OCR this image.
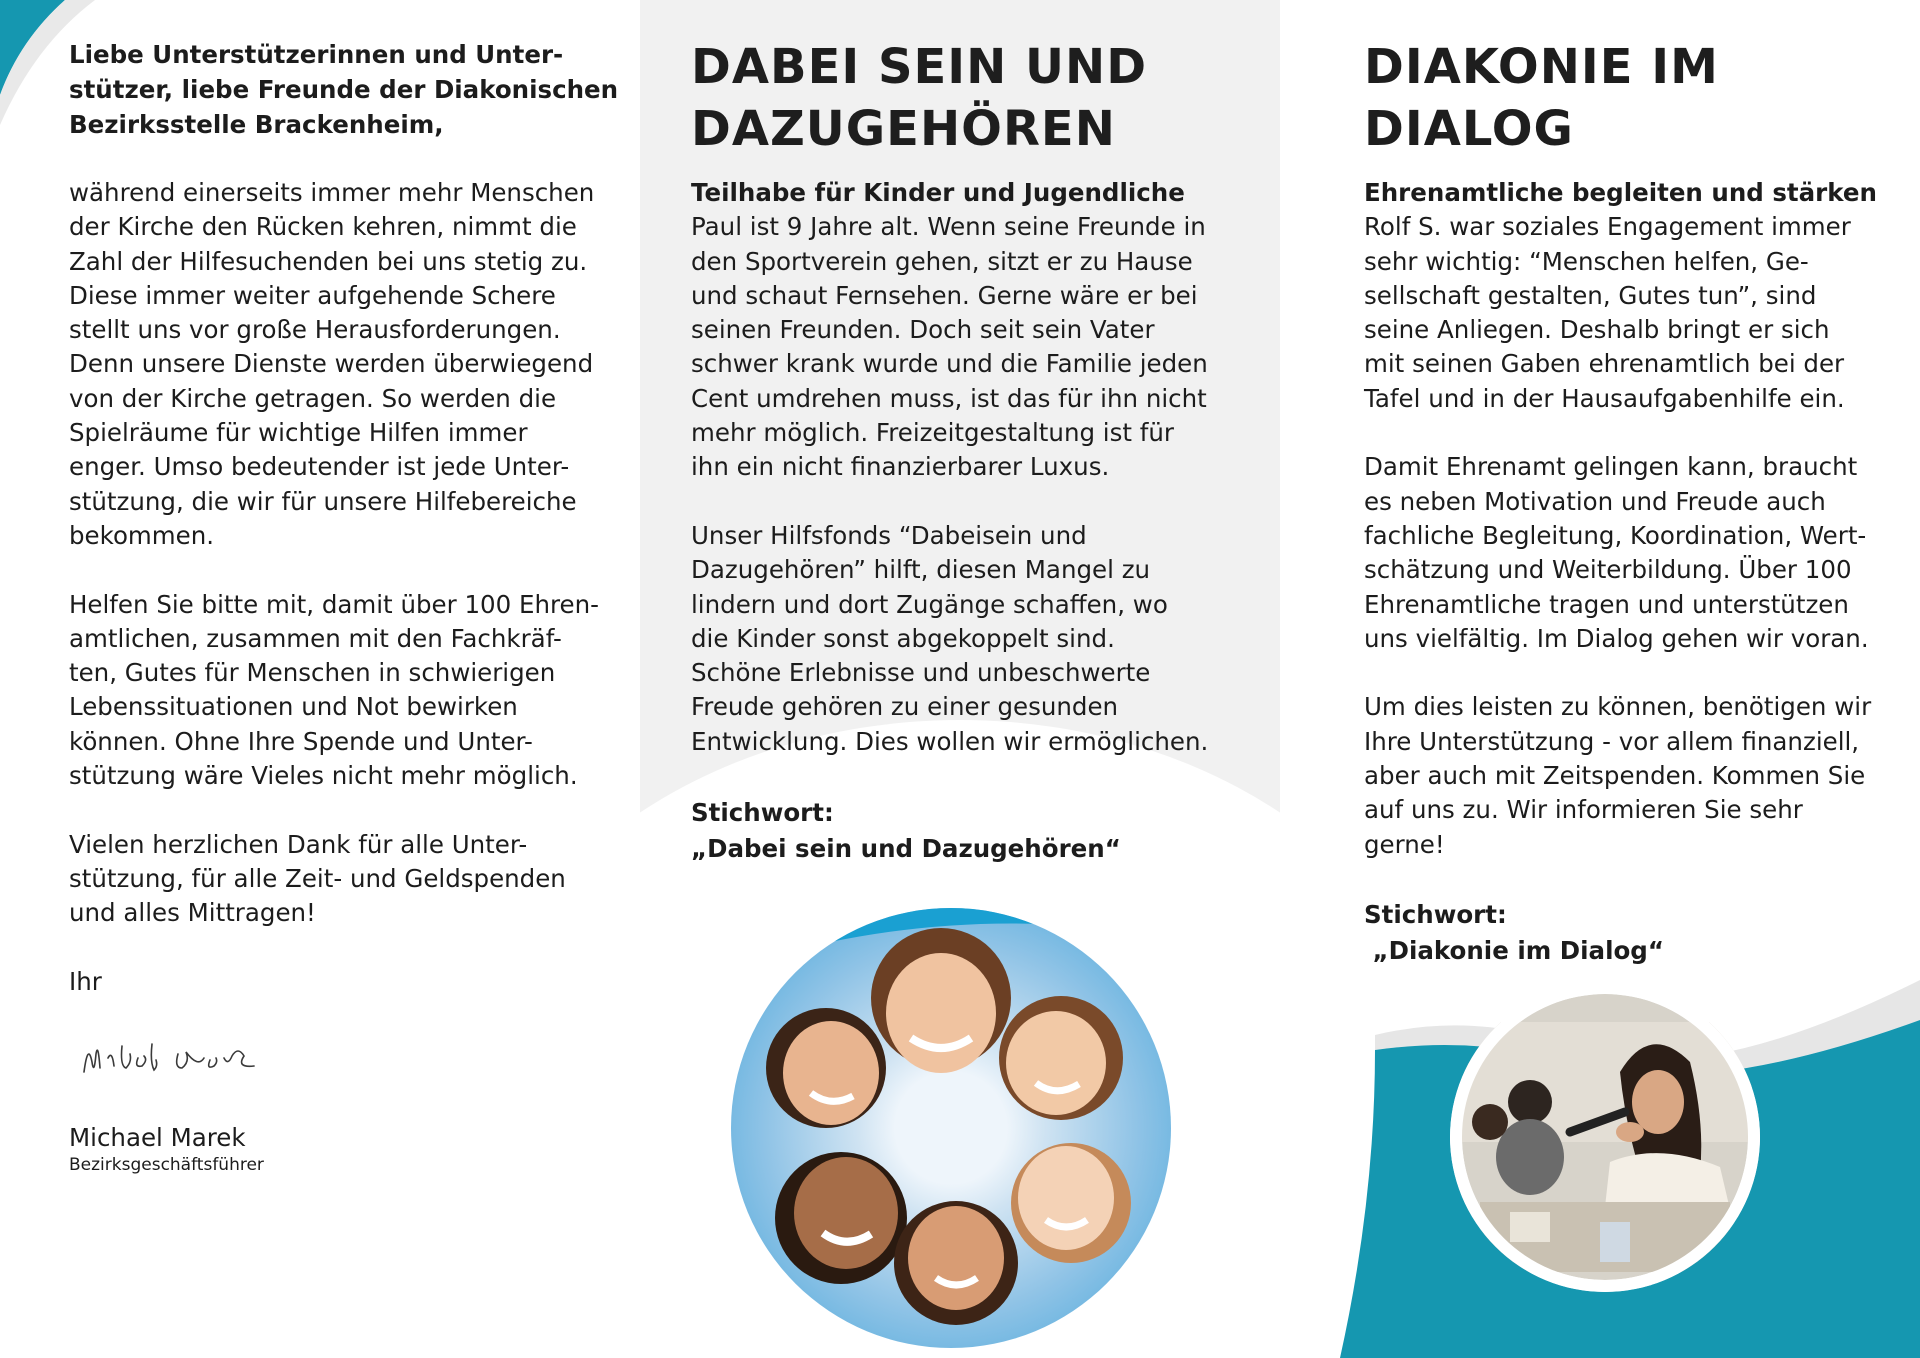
Liebe Unterstützerinnen und Unter-
stützer, liebe Freunde der Diakonischen
Bezirksstelle Brackenheim,

während einerseits immer mehr Menschen
der Kirche den Rücken kehren, nimmt die
Zahl der Hilfesuchenden bei uns stetig zu.
Diese immer weiter aufgehende Schere
stellt uns vor große Herausforderungen.
Denn unsere Dienste werden überwiegend
von der Kirche getragen. So werden die
Spielräume für wichtige Hilfen immer
enger. Umso bedeutender ist jede Unter-
stützung, die wir für unsere Hilfebereiche
bekommen.

Helfen Sie bitte mit, damit über 100 Ehren-
amtlichen, zusammen mit den Fachkräf-
ten, Gutes für Menschen in schwierigen
Lebenssituationen und Not bewirken
können. Ohne Ihre Spende und Unter-
stützung wäre Vieles nicht mehr möglich.

Vielen herzlichen Dank für alle Unter-
stützung, für alle Zeit- und Geldspenden
und alles Mittragen!

Ihr

Michael Marek
Bezirksgeschäftsführer
DABEI SEIN UND
DAZUGEHÖREN
Teilhabe für Kinder und Jugendliche

Paul ist 9 Jahre alt. Wenn seine Freunde in
den Sportverein gehen, sitzt er zu Hause
und schaut Fernsehen. Gerne wäre er bei
seinen Freunden. Doch seit sein Vater
schwer krank wurde und die Familie jeden
Cent umdrehen muss, ist das für ihn nicht
mehr möglich. Freizeitgestaltung ist für
ihn ein nicht finanzierbarer Luxus.

Unser Hilfsfonds “Dabeisein und
Dazugehören” hilft, diesen Mangel zu
lindern und dort Zugänge schaffen, wo
die Kinder sonst abgekoppelt sind.
Schöne Erlebnisse und unbeschwerte
Freude gehören zu einer gesunden
Entwicklung. Dies wollen wir ermöglichen.

Stichwort:
„Dabei sein und Dazugehören“
DIAKONIE IM
DIALOG
Ehrenamtliche begleiten und stärken

Rolf S. war soziales Engagement immer
sehr wichtig: “Menschen helfen, Ge-
sellschaft gestalten, Gutes tun”, sind
seine Anliegen. Deshalb bringt er sich
mit seinen Gaben ehrenamtlich bei der
Tafel und in der Hausaufgabenhilfe ein.

Damit Ehrenamt gelingen kann, braucht
es neben Motivation und Freude auch
fachliche Begleitung, Koordination, Wert-
schätzung und Weiterbildung. Über 100
Ehrenamtliche tragen und unterstützen
uns vielfältig. Im Dialog gehen wir voran.

Um dies leisten zu können, benötigen wir
Ihre Unterstützung - vor allem finanziell,
aber auch mit Zeitspenden. Kommen Sie
auf uns zu. Wir informieren Sie sehr
gerne!

Stichwort:
„Diakonie im Dialog“
